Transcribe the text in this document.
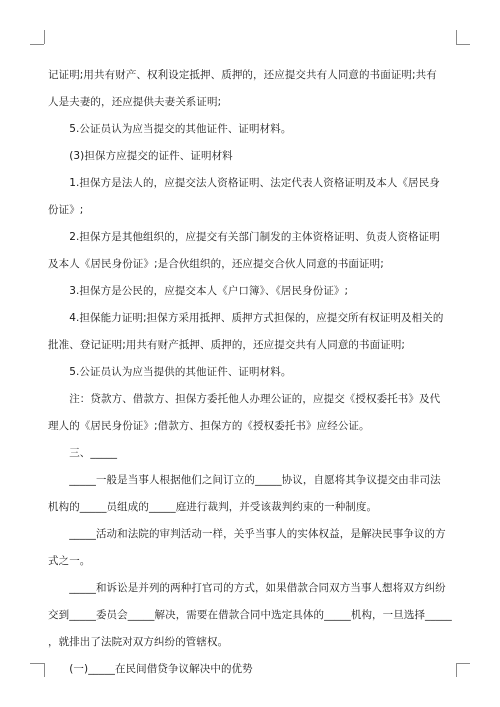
记证明;用共有财产、权利设定抵押、质押的，还应提交共有人同意的书面证明;共有
人是夫妻的，还应提供夫妻关系证明;
　　5.公证员认为应当提交的其他证件、证明材料。
　　(3)担保方应提交的证件、证明材料
　　1.担保方是法人的，应提交法人资格证明、法定代表人资格证明及本人《居民身
份证》;
　　2.担保方是其他组织的，应提交有关部门制发的主体资格证明、负责人资格证明
及本人《居民身份证》;是合伙组织的，还应提交合伙人同意的书面证明;
　　3.担保方是公民的，应提交本人《户口簿》、《居民身份证》;
　　4.担保能力证明;担保方采用抵押、质押方式担保的，应提交所有权证明及相关的
批准、登记证明;用共有财产抵押、质押的，还应提交共有人同意的书面证明;
　　5.公证员认为应当提供的其他证件、证明材料。
　　注：贷款方、借款方、担保方委托他人办理公证的，应提交《授权委托书》及代
理人的《居民身份证》;借款方、担保方的《授权委托书》应经公证。
　　三、_____
　　_____一般是当事人根据他们之间订立的_____协议，自愿将其争议提交由非司法
机构的_____员组成的_____庭进行裁判，并受该裁判约束的一种制度。
　　_____活动和法院的审判活动一样，关乎当事人的实体权益，是解决民事争议的方
式之一。
　　_____和诉讼是并列的两种打官司的方式，如果借款合同双方当事人想将双方纠纷
交到_____委员会_____解决，需要在借款合同中选定具体的_____机构，一旦选择_____
，就排出了法院对双方纠纷的管辖权。
　　(一)_____在民间借贷争议解决中的优势
